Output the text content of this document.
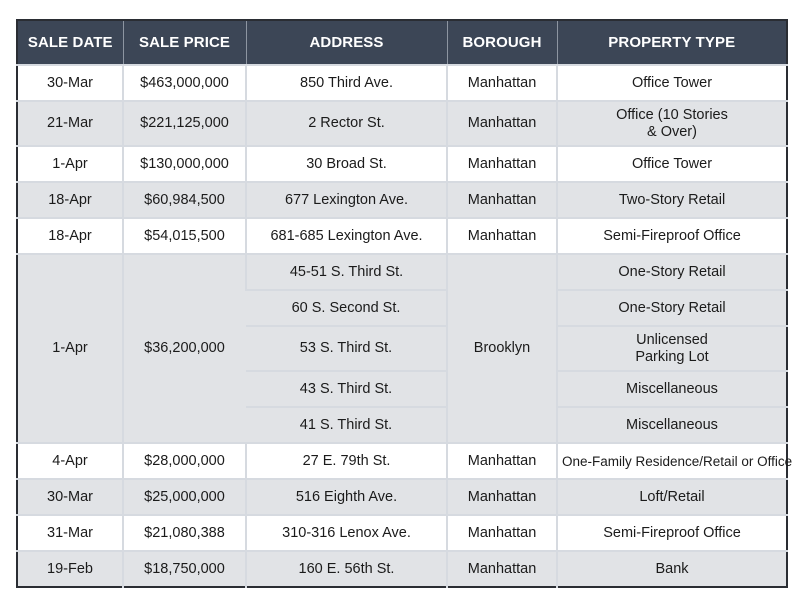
SALE DATE	SALE PRICE	ADDRESS	BOROUGH	PROPERTY TYPE
30-Mar	$463,000,000	850 Third Ave.	Manhattan	Office Tower
21-Mar	$221,125,000	2 Rector St.	Manhattan	Office (10 Stories
& Over)
1-Apr	$130,000,000	30 Broad St.	Manhattan	Office Tower
18-Apr	$60,984,500	677 Lexington Ave.	Manhattan	Two-Story Retail
18-Apr	$54,015,500	681-685 Lexington Ave.	Manhattan	Semi-Fireproof Office
1-Apr	$36,200,000	45-51 S. Third St.	Brooklyn	One-Story Retail
		60 S. Second St.		One-Story Retail
		53 S. Third St.		Unlicensed
Parking Lot
		43 S. Third St.		Miscellaneous
		41 S. Third St.		Miscellaneous
4-Apr	$28,000,000	27 E. 79th St.	Manhattan	One-Family Residence/Retail or Office
30-Mar	$25,000,000	516 Eighth Ave.	Manhattan	Loft/Retail
31-Mar	$21,080,388	310-316 Lenox Ave.	Manhattan	Semi-Fireproof Office
19-Feb	$18,750,000	160 E. 56th St.	Manhattan	Bank
